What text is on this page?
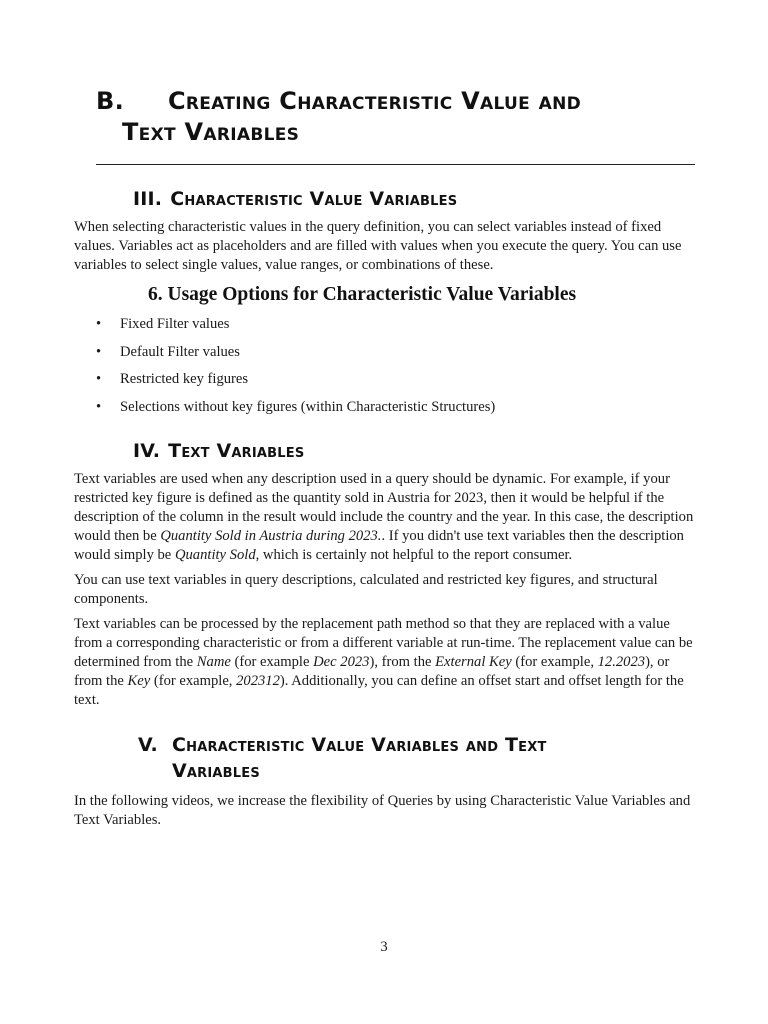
B. Creating Characteristic Value and
Text Variables
III. Characteristic Value Variables

When selecting characteristic values in the query definition, you can select variables instead of fixed values. Variables act as placeholders and are filled with values when you execute the query. You can use variables to select single values, value ranges, or combinations of these.

6. Usage Options for Characteristic Value Variables
• Fixed Filter values
• Default Filter values
• Restricted key figures
• Selections without key figures (within Characteristic Structures)
IV. Text Variables

Text variables are used when any description used in a query should be dynamic. For example, if your restricted key figure is defined as the quantity sold in Austria for 2023, then it would be helpful if the description of the column in the result would include the country and the year. In this case, the description would then be Quantity Sold in Austria during 2023.. If you didn't use text variables then the description would simply be Quantity Sold, which is certainly not helpful to the report consumer.

You can use text variables in query descriptions, calculated and restricted key figures, and structural components.

Text variables can be processed by the replacement path method so that they are replaced with a value from a corresponding characteristic or from a different variable at run-time. The replacement value can be determined from the Name (for example Dec 2023), from the External Key (for example, 12.2023), or from the Key (for example, 202312). Additionally, you can define an offset start and offset length for the text.

V. Characteristic Value Variables and Text
Variables

In the following videos, we increase the flexibility of Queries by using Characteristic Value Variables and Text Variables.

3
